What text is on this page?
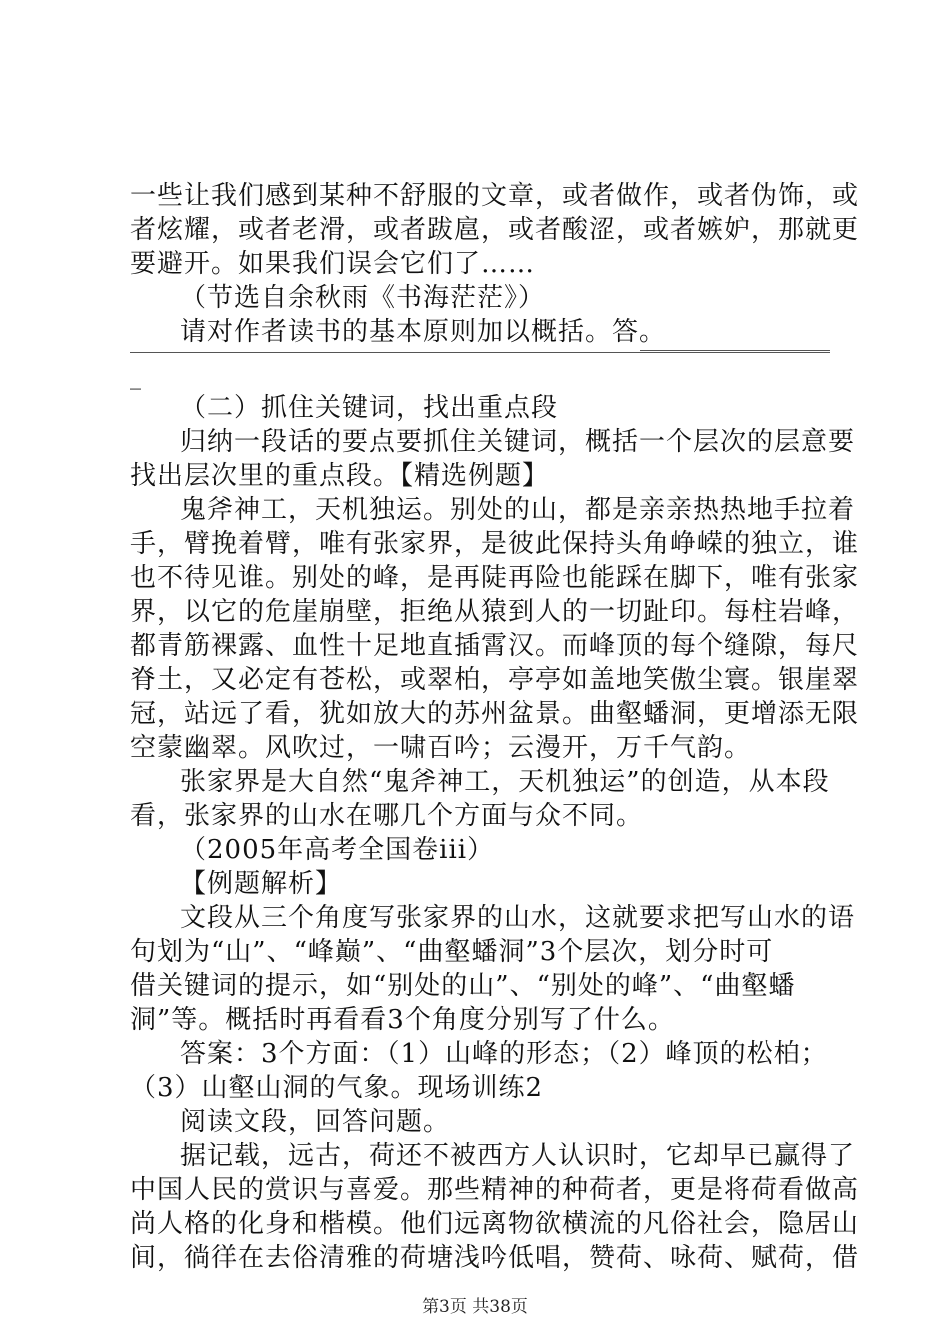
一些让我们感到某种不舒服的文章，或者做作，或者伪饰，或
者炫耀，或者老滑，或者跋扈，或者酸涩，或者嫉妒，那就更
要避开。如果我们误会它们了……
（节选自余秋雨《书海茫茫》）
请对作者读书的基本原则加以概括。答。
_
（二）抓住关键词，找出重点段
归纳一段话的要点要抓住关键词，概括一个层次的层意要
找出层次里的重点段。【精选例题】
鬼斧神工，天机独运。别处的山，都是亲亲热热地手拉着
手，臂挽着臂，唯有张家界，是彼此保持头角峥嵘的独立，谁
也不待见谁。别处的峰，是再陡再险也能踩在脚下，唯有张家
界，以它的危崖崩壁，拒绝从猿到人的一切趾印。每柱岩峰，
都青筋裸露、血性十足地直插霄汉。而峰顶的每个缝隙，每尺
脊土，又必定有苍松，或翠柏，亭亭如盖地笑傲尘寰。银崖翠
冠，站远了看，犹如放大的苏州盆景。曲壑蟠洞，更增添无限
空蒙幽翠。风吹过，一啸百吟；云漫开，万千气韵。
张家界是大自然“鬼斧神工，天机独运”的创造，从本段
看，张家界的山水在哪几个方面与众不同。
（2005年高考全国卷iii）
【例题解析】
文段从三个角度写张家界的山水，这就要求把写山水的语
句划为“山”、“峰巅”、“曲壑蟠洞”3个层次，划分时可
借关键词的提示，如“别处的山”、“别处的峰”、“曲壑蟠
洞”等。概括时再看看3个角度分别写了什么。
答案：3个方面：（1）山峰的形态；（2）峰顶的松柏；
（3）山壑山洞的气象。现场训练2
阅读文段，回答问题。
据记载，远古，荷还不被西方人认识时，它却早已赢得了
中国人民的赏识与喜爱。那些精神的种荷者，更是将荷看做高
尚人格的化身和楷模。他们远离物欲横流的凡俗社会，隐居山
间，徜徉在去俗清雅的荷塘浅吟低唱，赞荷、咏荷、赋荷，借
第3页 共38页
